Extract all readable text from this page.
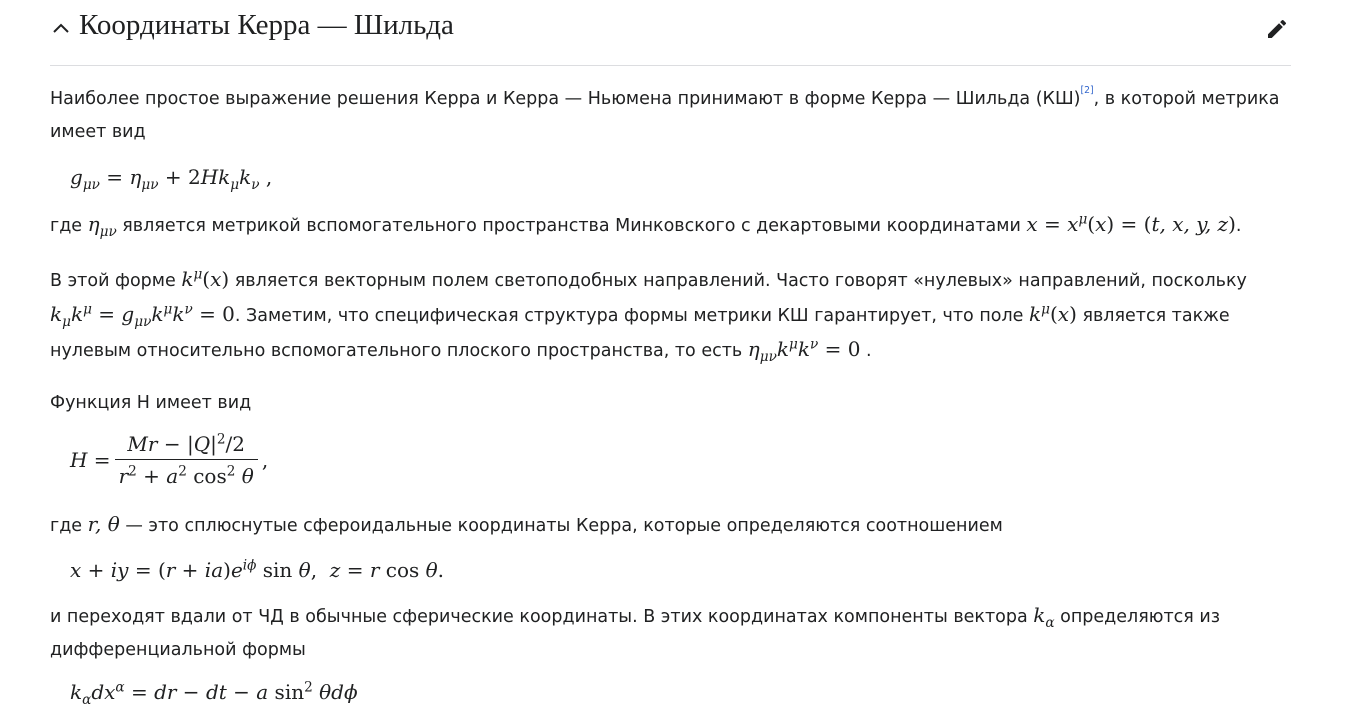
Координаты Керра — Шильда

Наиболее простое выражение решения Керра и Керра — Ньюмена принимают в форме Керра — Шильда (КШ)[2], в которой метрика имеет вид

$g_{\mu\nu} = \eta_{\mu\nu} + 2Hk_\mu k_\nu$ ,

где $\eta_{\mu\nu}$ является метрикой вспомогательного пространства Минковского с декартовыми координатами $x = x^\mu(x) = (t$, x, y, z).

В этой форме $k^\mu(x)$ является векторным полем светоподобных направлений. Часто говорят «нулевых» направлений, поскольку $k_\mu k^\mu = g_{\mu\nu}k^\mu k^\nu = 0$. Заметим, что специфическая структура формы метрики КШ гарантирует, что поле $k^\mu(x)$ является также нулевым относительно вспомогательного плоского пространства, то есть $\eta_{\mu\nu}k^\mu k^\nu = 0$ .

Функция H имеет вид

$H = \frac{Mr - |Q|^2/2}{r^2 + a^2 \cos^2 \theta}$ ,

где r, θ — это сплюснутые сфероидальные координаты Керра, которые определяются соотношением

x + iy = $(r + ia)e^{i\phi}$ sin θ,  z = r cos θ.

и переходят вдали от ЧД в обычные сферические координаты. В этих координатах компоненты вектора $k_\alpha$ определяются из дифференциальной формы

$k_\alpha dx^\alpha$ = dr − dt − a $\sin^2 \theta d\phi$
